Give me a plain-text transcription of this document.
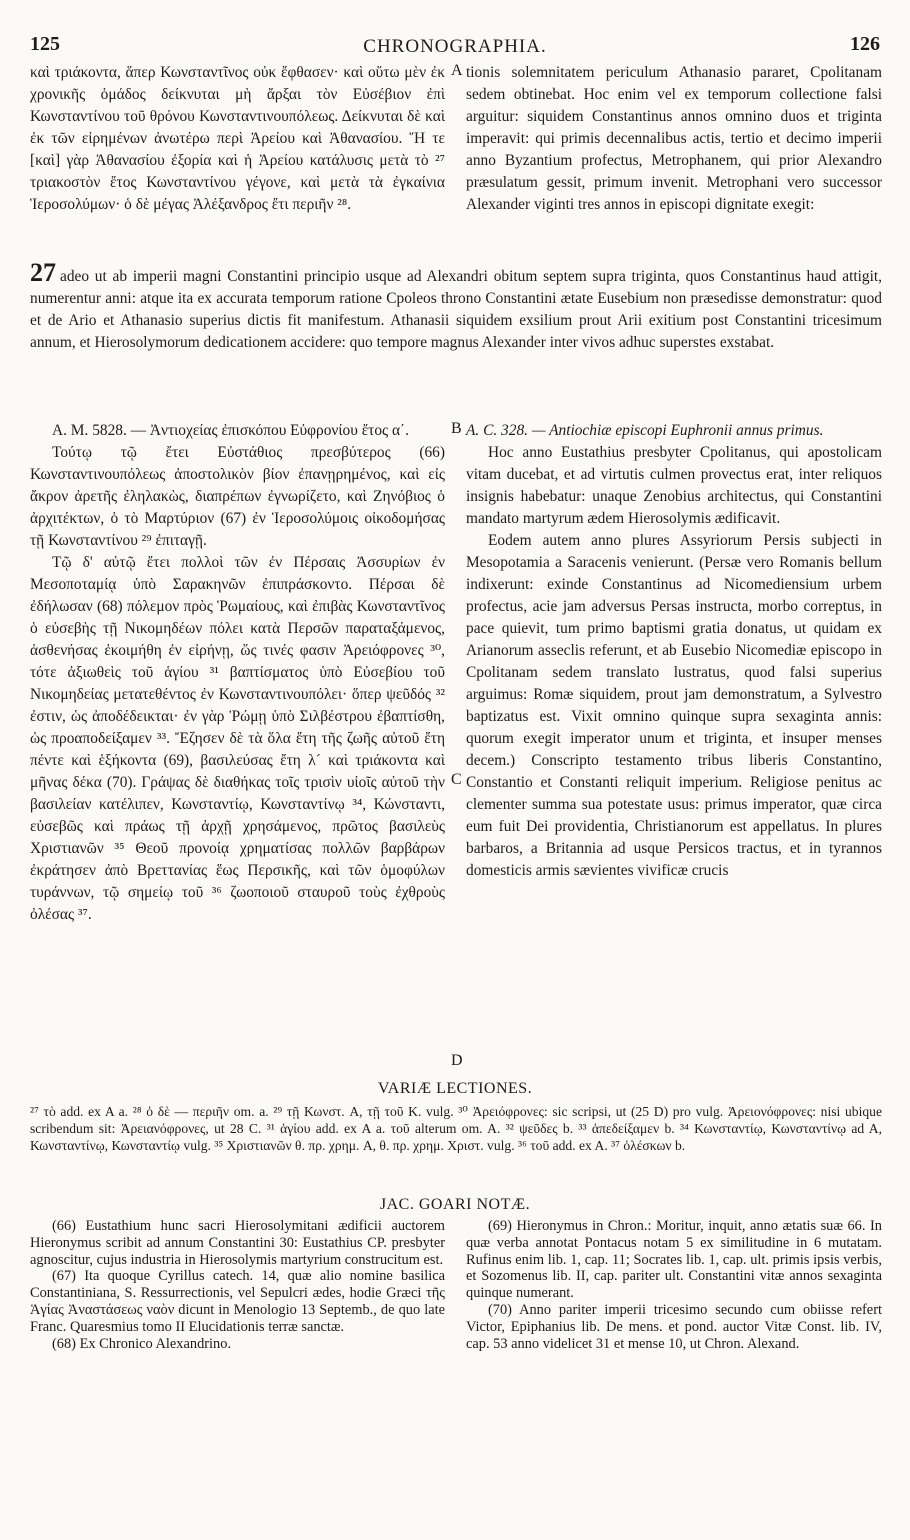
125	CHRONOGRAPHIA.	126

καὶ τριάκοντα, ἅπερ Κωνσταντῖνος οὐκ ἔφθασεν· καὶ οὕτω μὲν ἐκ χρονικῆς ὁμάδος δείκνυται μὴ ἄρξαι τὸν Εὐσέβιον ἐπὶ Κωνσταντίνου τοῦ θρόνου Κωνσταντινουπόλεως. Δείκνυται δὲ καὶ ἐκ τῶν εἰρημένων ἀνωτέρω περὶ Ἀρείου καὶ Ἀθανασίου. Ἥ τε [καὶ] γὰρ Ἀθανασίου ἐξορία καὶ ἡ Ἀρείου κατάλυσις μετὰ τὸ ²⁷ τριακοστὸν ἔτος Κωνσταντίνου γέγονε, καὶ μετὰ τὰ ἐγκαίνια Ἱεροσολύμων· ὁ δὲ μέγας Ἀλέξανδρος ἔτι περιῆν ²⁸.

A tionis solemnitatem periculum Athanasio pararet, Cpolitanam sedem obtinebat. Hoc enim vel ex temporum collectione falsi arguitur: siquidem Constantinus annos omnino duos et triginta imperavit: qui primis decennalibus actis, tertio et decimo imperii anno Byzantium profectus, Metrophanem, qui prior Alexandro præsulatum gessit, primum invenit. Metrophani vero successor Alexander viginti tres annos in episcopi dignitate exegit:

27 adeo ut ab imperii magni Constantini principio usque ad Alexandri obitum septem supra triginta, quos Constantinus haud attigit, numerentur anni: atque ita ex accurata temporum ratione Cpoleos throno Constantini ætate Eusebium non præsedisse demonstratur: quod et de Ario et Athanasio superius dictis fit manifestum. Athanasii siquidem exsilium prout Arii exitium post Constantini tricesimum annum, et Hierosolymorum dedicationem accidere: quo tempore magnus Alexander inter vivos adhuc superstes exstabat.

Α. Μ. 5828. — Ἀντιοχείας ἐπισκόπου Εὐφρονίου ἔτος α΄.

Τούτῳ τῷ ἔτει Εὐστάθιος πρεσβύτερος (66) Κωνσταντινουπόλεως ἀποστολικὸν βίον ἐπανῃρημένος, καὶ εἰς ἄκρον ἀρετῆς ἐληλακὼς, διαπρέπων ἐγνωρίζετο, καὶ Ζηνόβιος ὁ ἀρχιτέκτων, ὁ τὸ Μαρτύριον (67) ἐν Ἱεροσολύμοις οἰκοδομήσας τῇ Κωνσταντίνου ²⁹ ἐπιταγῇ.

Τῷ δ' αὐτῷ ἔτει πολλοὶ τῶν ἐν Πέρσαις Ἀσσυρίων ἐν Μεσοποταμίᾳ ὑπὸ Σαρακηνῶν ἐπιπράσκοντο. Πέρσαι δὲ ἐδήλωσαν (68) πόλεμον πρὸς Ῥωμαίους, καὶ ἐπιβὰς Κωνσταντῖνος ὁ εὐσεβὴς τῇ Νικομηδέων πόλει κατὰ Περσῶν παραταξάμενος, ἀσθενήσας ἐκοιμήθη ἐν εἰρήνῃ, ὥς τινές φασιν Ἀρειόφρονες ³⁰, τότε ἀξιωθεὶς τοῦ ἁγίου ³¹ βαπτίσματος ὑπὸ Εὐσεβίου τοῦ Νικομηδείας μετατεθέντος ἐν Κωνσταντινουπόλει· ὅπερ ψεῦδός ³² ἐστιν, ὡς ἀποδέδεικται· ἐν γὰρ Ῥώμῃ ὑπὸ Σιλβέστρου ἐβαπτίσθη, ὡς προαποδείξαμεν ³³. Ἔζησεν δὲ τὰ ὅλα ἔτη τῆς ζωῆς αὐτοῦ ἔτη πέντε καὶ ἑξήκοντα (69), βασιλεύσας ἔτη λ´ καὶ τριάκοντα καὶ μῆνας δέκα (70). Γράψας δὲ διαθήκας τοῖς τρισὶν υἱοῖς αὐτοῦ τὴν βασιλείαν κατέλιπεν, Κωνσταντίῳ, Κωνσταντίνῳ ³⁴, Κώνσταντι, εὐσεβῶς καὶ πράως τῇ ἀρχῇ χρησάμενος, πρῶτος βασιλεὺς Χριστιανῶν ³⁵ Θεοῦ προνοίᾳ χρηματίσας πολλῶν βαρβάρων ἐκράτησεν ἀπὸ Βρεττανίας ἕως Περσικῆς, καὶ τῶν ὁμοφύλων τυράννων, τῷ σημείῳ τοῦ ³⁶ ζωοποιοῦ σταυροῦ τοὺς ἐχθροὺς ὀλέσας ³⁷.

B
C
D

A. C. 328. — Antiochiæ episcopi Euphronii annus primus.

Hoc anno Eustathius presbyter Cpolitanus, qui apostolicam vitam ducebat, et ad virtutis culmen provectus erat, inter reliquos insignis habebatur: unaque Zenobius architectus, qui Constantini mandato martyrum ædem Hierosolymis ædificavit.

Eodem autem anno plures Assyriorum Persis subjecti in Mesopotamia a Saracenis venierunt. (Persæ vero Romanis bellum indixerunt: exinde Constantinus ad Nicomediensium urbem profectus, acie jam adversus Persas instructa, morbo correptus, in pace quievit, tum primo baptismi gratia donatus, ut quidam ex Arianorum asseclis referunt, et ab Eusebio Nicomediæ episcopo in Cpolitanam sedem translato lustratus, quod falsi superius arguimus: Romæ siquidem, prout jam demonstratum, a Sylvestro baptizatus est. Vixit omnino quinque supra sexaginta annis: quorum exegit imperator unum et triginta, et insuper menses decem.) Conscripto testamento tribus liberis Constantino, Constantio et Constanti reliquit imperium. Religiose penitus ac clementer summa sua potestate usus: primus imperator, quæ circa eum fuit Dei providentia, Christianorum est appellatus. In plures barbaros, a Britannia ad usque Persicos tractus, et in tyrannos domesticis armis sævientes vivificæ crucis

VARIÆ LECTIONES.
²⁷ τὸ add. ex A a. ²⁸ ὁ δὲ — περιῆν om. a. ²⁹ τῇ Κωνστ. A, τῇ τοῦ K. vulg. ³⁰ Ἀρειόφρονες: sic scripsi, ut (25 D) pro vulg. Ἀρειονόφρονες: nisi ubique scribendum sit: Ἀρειανόφρονες, ut 28 C. ³¹ ἁγίου add. ex A a. τοῦ alterum om. A. ³² ψεῦδες b. ³³ ἀπεδείξαμεν b. ³⁴ Κωνσταντίῳ, Κωνσταντίνῳ ad A, Κωνσταντίνῳ, Κωνσταντίῳ vulg. ³⁵ Χριστιανῶν θ. πρ. χρημ. A, θ. πρ. χρημ. Χριστ. vulg. ³⁶ τοῦ add. ex A. ³⁷ ὀλέσκων b.
JAC. GOARI NOTÆ.

(66) Eustathium hunc sacri Hierosolymitani ædificii auctorem Hieronymus scribit ad annum Constantini 30: Eustathius CP. presbyter agnoscitur, cujus industria in Hierosolymis martyrium construcitum est.

(67) Ita quoque Cyrillus catech. 14, quæ alio nomine basilica Constantiniana, S. Ressurrectionis, vel Sepulcri ædes, hodie Græci τῆς Ἁγίας Ἀναστάσεως ναὸν dicunt in Menologio 13 Septemb., de quo late Franc. Quaresmius tomo II Elucidationis terræ sanctæ.

(68) Ex Chronico Alexandrino.

(69) Hieronymus in Chron.: Moritur, inquit, anno ætatis suæ 66. In quæ verba annotat Pontacus notam 5 ex similitudine in 6 mutatam. Rufinus enim lib. 1, cap. 11; Socrates lib. 1, cap. ult. primis ipsis verbis, et Sozomenus lib. II, cap. pariter ult. Constantini vitæ annos sexaginta quinque numerant.

(70) Anno pariter imperii tricesimo secundo cum obiisse refert Victor, Epiphanius lib. De mens. et pond. auctor Vitæ Const. lib. IV, cap. 53 anno videlicet 31 et mense 10, ut Chron. Alexand.
